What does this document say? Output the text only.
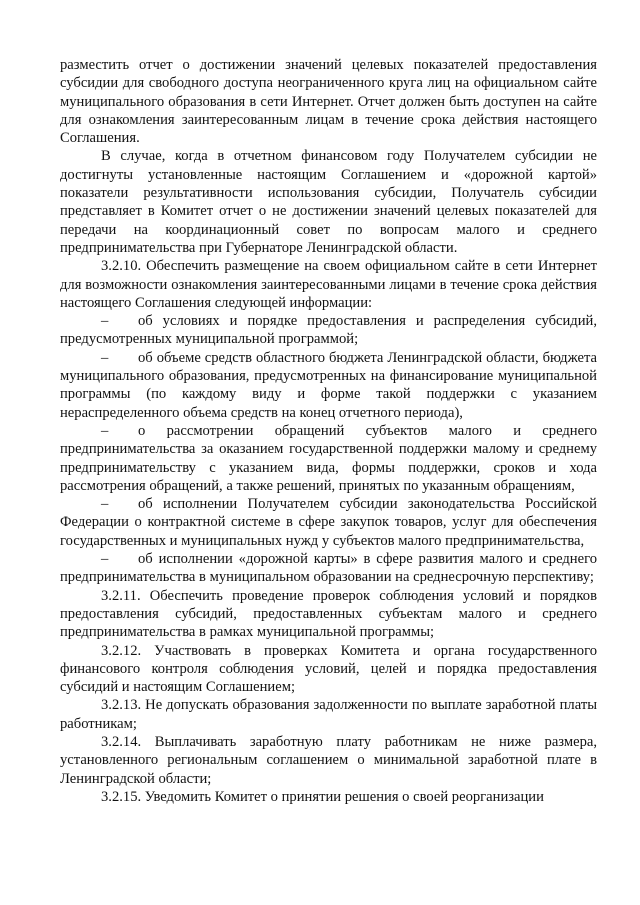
разместить отчет о достижении значений целевых показателей предоставления субсидии для свободного доступа неограниченного круга лиц на официальном сайте муниципального образования в сети Интернет. Отчет должен быть доступен на сайте для ознакомления заинтересованным лицам в течение срока действия настоящего Соглашения.

В случае, когда в отчетном финансовом году Получателем субсидии не достигнуты установленные настоящим Соглашением и «дорожной картой» показатели результативности использования субсидии, Получатель субсидии представляет в Комитет отчет о не достижении значений целевых показателей для передачи на координационный совет по вопросам малого и среднего предпринимательства при Губернаторе Ленинградской области.

3.2.10. Обеспечить размещение на своем официальном сайте в сети Интернет для возможности ознакомления заинтересованными лицами в течение срока действия настоящего Соглашения следующей информации:

– об условиях и порядке предоставления и распределения субсидий, предусмотренных муниципальной программой;

– об объеме средств областного бюджета Ленинградской области, бюджета муниципального образования, предусмотренных на финансирование муниципальной программы (по каждому виду и форме такой поддержки с указанием нераспределенного объема средств на конец отчетного периода),

– о рассмотрении обращений субъектов малого и среднего предпринимательства за оказанием государственной поддержки малому и среднему предпринимательству с указанием вида, формы поддержки, сроков и хода рассмотрения обращений, а также решений, принятых по указанным обращениям,

– об исполнении Получателем субсидии законодательства Российской Федерации о контрактной системе в сфере закупок товаров, услуг для обеспечения государственных и муниципальных нужд у субъектов малого предпринимательства,

– об исполнении «дорожной карты» в сфере развития малого и среднего предпринимательства в муниципальном образовании на среднесрочную перспективу;

3.2.11. Обеспечить проведение проверок соблюдения условий и порядков предоставления субсидий, предоставленных субъектам малого и среднего предпринимательства в рамках муниципальной программы;

3.2.12. Участвовать в проверках Комитета и органа государственного финансового контроля соблюдения условий, целей и порядка предоставления субсидий и настоящим Соглашением;

3.2.13. Не допускать образования задолженности по выплате заработной платы работникам;

3.2.14. Выплачивать заработную плату работникам не ниже размера, установленного региональным соглашением о минимальной заработной плате в Ленинградской области;

3.2.15. Уведомить Комитет о принятии решения о своей реорганизации
